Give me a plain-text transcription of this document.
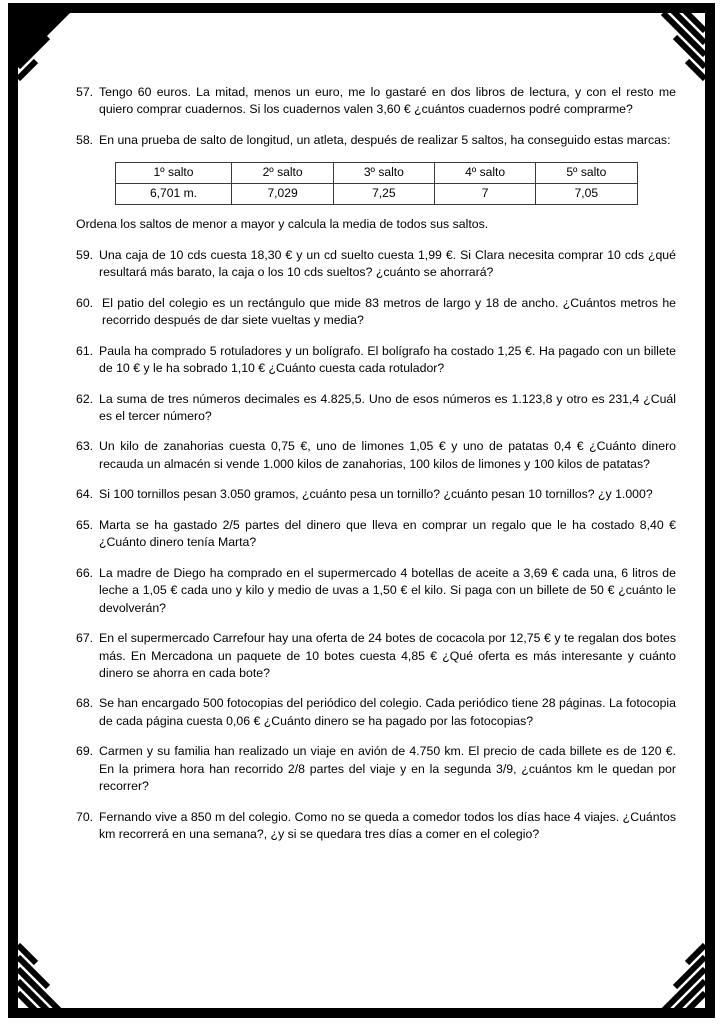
57. Tengo 60 euros. La mitad, menos un euro, me lo gastaré en dos libros de lectura, y con el resto me quiero comprar cuadernos. Si los cuadernos valen 3,60 € ¿cuántos cuadernos podré comprarme?
58. En una prueba de salto de longitud, un atleta, después de realizar 5 saltos, ha conseguido estas marcas:
1º salto	2º salto	3º salto	4º salto	5º salto
6,701 m.	7,029	7,25	7	7,05
Ordena los saltos de menor a mayor y calcula la media de todos sus saltos.
59. Una caja de 10 cds cuesta 18,30 € y un cd suelto cuesta 1,99 €. Si Clara necesita comprar 10 cds ¿qué resultará más barato, la caja o los 10 cds sueltos? ¿cuánto se ahorrará?
60. El patio del colegio es un rectángulo que mide 83 metros de largo y 18 de ancho. ¿Cuántos metros he recorrido después de dar siete vueltas y media?
61. Paula ha comprado 5 rotuladores y un bolígrafo. El bolígrafo ha costado 1,25 €. Ha pagado con un billete de 10 € y le ha sobrado 1,10 € ¿Cuánto cuesta cada rotulador?
62. La suma de tres números decimales es 4.825,5. Uno de esos números es 1.123,8 y otro es 231,4 ¿Cuál es el tercer número?
63. Un kilo de zanahorias cuesta 0,75 €, uno de limones 1,05 € y uno de patatas 0,4 € ¿Cuánto dinero recauda un almacén si vende 1.000 kilos de zanahorias, 100 kilos de limones y 100 kilos de patatas?
64. Si 100 tornillos pesan 3.050 gramos, ¿cuánto pesa un tornillo? ¿cuánto pesan 10 tornillos? ¿y 1.000?
65. Marta se ha gastado 2/5 partes del dinero que lleva en comprar un regalo que le ha costado 8,40 € ¿Cuánto dinero tenía Marta?
66. La madre de Diego ha comprado en el supermercado 4 botellas de aceite a 3,69 € cada una, 6 litros de leche a 1,05 € cada uno y kilo y medio de uvas a 1,50 € el kilo. Si paga con un billete de 50 € ¿cuánto le devolverán?
67. En el supermercado Carrefour hay una oferta de 24 botes de cocacola por 12,75 € y te regalan dos botes más. En Mercadona un paquete de 10 botes cuesta 4,85 € ¿Qué oferta es más interesante y cuánto dinero se ahorra en cada bote?
68. Se han encargado 500 fotocopias del periódico del colegio. Cada periódico tiene 28 páginas. La fotocopia de cada página cuesta 0,06 € ¿Cuánto dinero se ha pagado por las fotocopias?
69. Carmen y su familia han realizado un viaje en avión de 4.750 km. El precio de cada billete es de 120 €. En la primera hora han recorrido 2/8 partes del viaje y en la segunda 3/9, ¿cuántos km le quedan por recorrer?
70. Fernando vive a 850 m del colegio. Como no se queda a comedor todos los días hace 4 viajes. ¿Cuántos km recorrerá en una semana?, ¿y si se quedara tres días a comer en el colegio?
